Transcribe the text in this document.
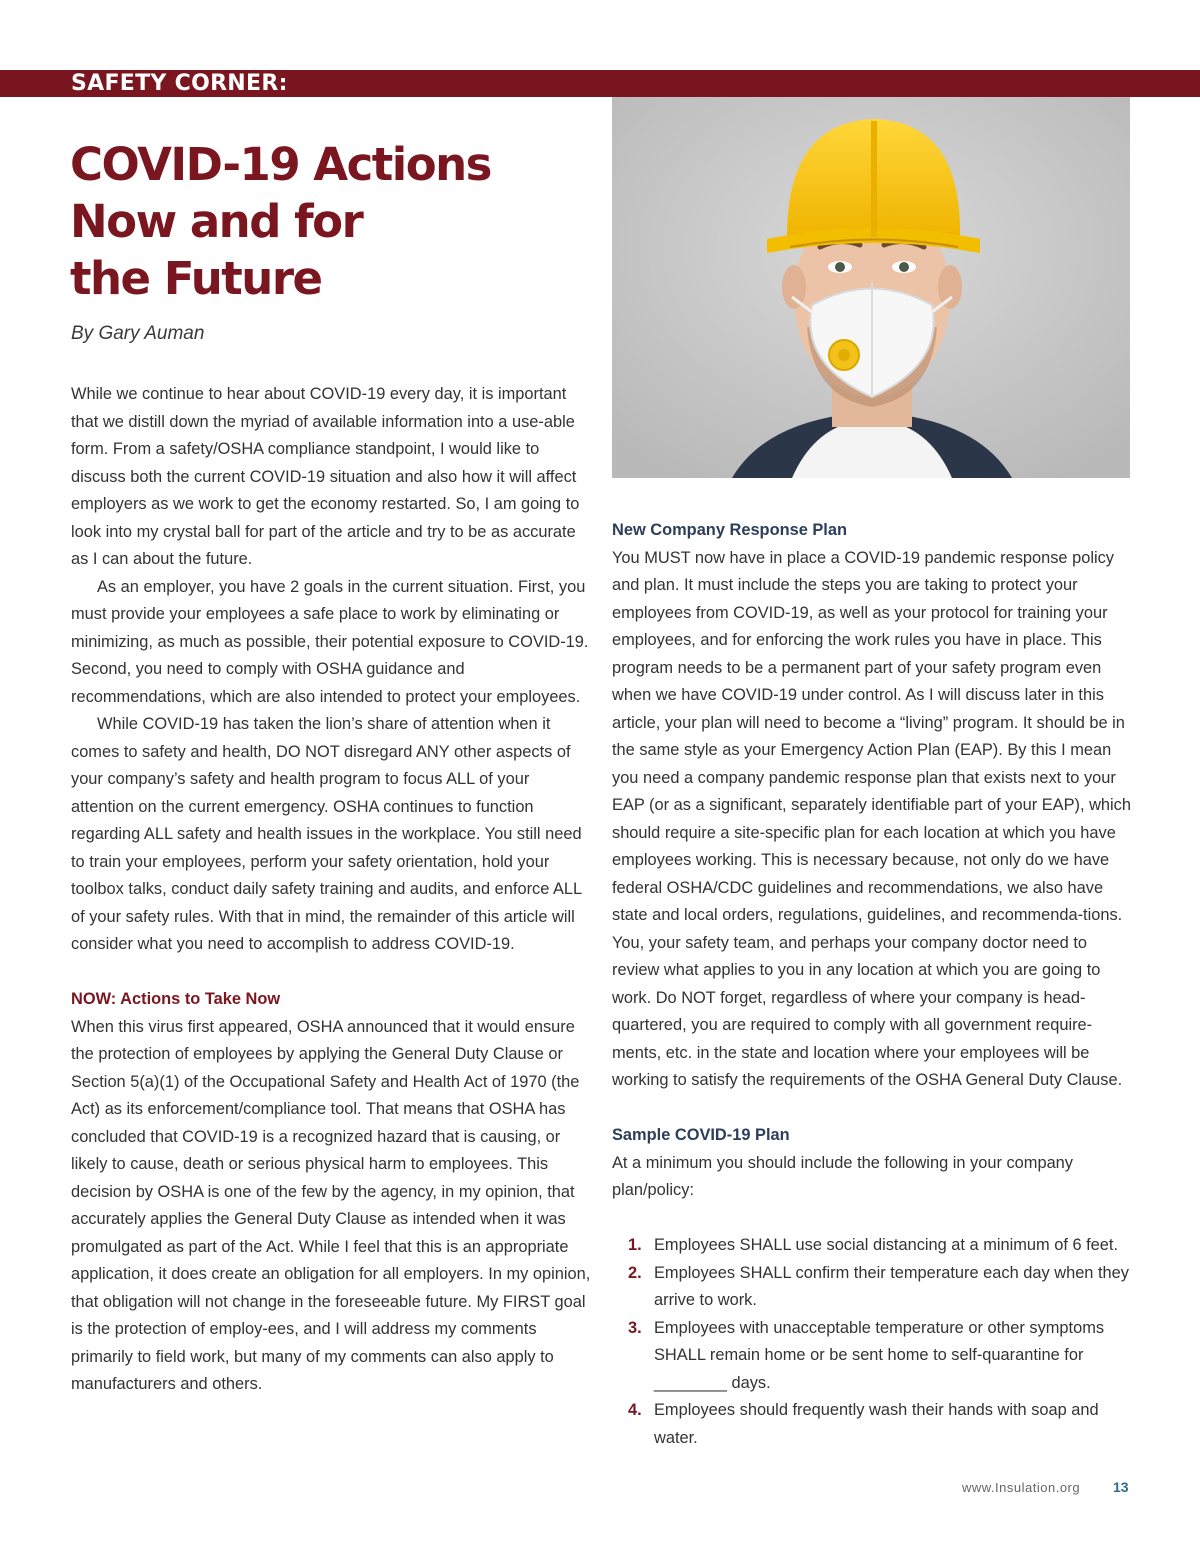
SAFETY CORNER:
COVID-19 Actions
Now and for
the Future
By Gary Auman

While we continue to hear about COVID-19 every day, it is important that we distill down the myriad of available information into a use-able form. From a safety/OSHA compliance standpoint, I would like to discuss both the current COVID-19 situation and also how it will affect employers as we work to get the economy restarted. So, I am going to look into my crystal ball for part of the article and try to be as accurate as I can about the future.

As an employer, you have 2 goals in the current situation. First, you must provide your employees a safe place to work by eliminating or minimizing, as much as possible, their potential exposure to COVID-19. Second, you need to comply with OSHA guidance and recommendations, which are also intended to protect your employees.

While COVID-19 has taken the lion’s share of attention when it comes to safety and health, DO NOT disregard ANY other aspects of your company’s safety and health program to focus ALL of your attention on the current emergency. OSHA continues to function regarding ALL safety and health issues in the workplace. You still need to train your employees, perform your safety orientation, hold your toolbox talks, conduct daily safety training and audits, and enforce ALL of your safety rules. With that in mind, the remainder of this article will consider what you need to accomplish to address COVID-19.

NOW: Actions to Take Now

When this virus first appeared, OSHA announced that it would ensure the protection of employees by applying the General Duty Clause or Section 5(a)(1) of the Occupational Safety and Health Act of 1970 (the Act) as its enforcement/compliance tool. That means that OSHA has concluded that COVID-19 is a recognized hazard that is causing, or likely to cause, death or serious physical harm to employees. This decision by OSHA is one of the few by the agency, in my opinion, that accurately applies the General Duty Clause as intended when it was promulgated as part of the Act. While I feel that this is an appropriate application, it does create an obligation for all employers. In my opinion, that obligation will not change in the foreseeable future. My FIRST goal is the protection of employ-ees, and I will address my comments primarily to field work, but many of my comments can also apply to manufacturers and others.

New Company Response Plan

You MUST now have in place a COVID-19 pandemic response policy and plan. It must include the steps you are taking to protect your employees from COVID-19, as well as your protocol for training your employees, and for enforcing the work rules you have in place. This program needs to be a permanent part of your safety program even when we have COVID-19 under control. As I will discuss later in this article, your plan will need to become a “living” program. It should be in the same style as your Emergency Action Plan (EAP). By this I mean you need a company pandemic response plan that exists next to your EAP (or as a significant, separately identifiable part of your EAP), which should require a site-specific plan for each location at which you have employees working. This is necessary because, not only do we have federal OSHA/CDC guidelines and recommendations, we also have state and local orders, regulations, guidelines, and recommenda-tions. You, your safety team, and perhaps your company doctor need to review what applies to you in any location at which you are going to work. Do NOT forget, regardless of where your company is head-quartered, you are required to comply with all government require-ments, etc. in the state and location where your employees will be working to satisfy the requirements of the OSHA General Duty Clause.

Sample COVID-19 Plan

At a minimum you should include the following in your company plan/policy:

1. Employees SHALL use social distancing at a minimum of 6 feet.
2. Employees SHALL confirm their temperature each day when they arrive to work.
3. Employees with unacceptable temperature or other symptoms SHALL remain home or be sent home to self-quarantine for ________ days.
4. Employees should frequently wash their hands with soap and water.
www.Insulation.org 13
